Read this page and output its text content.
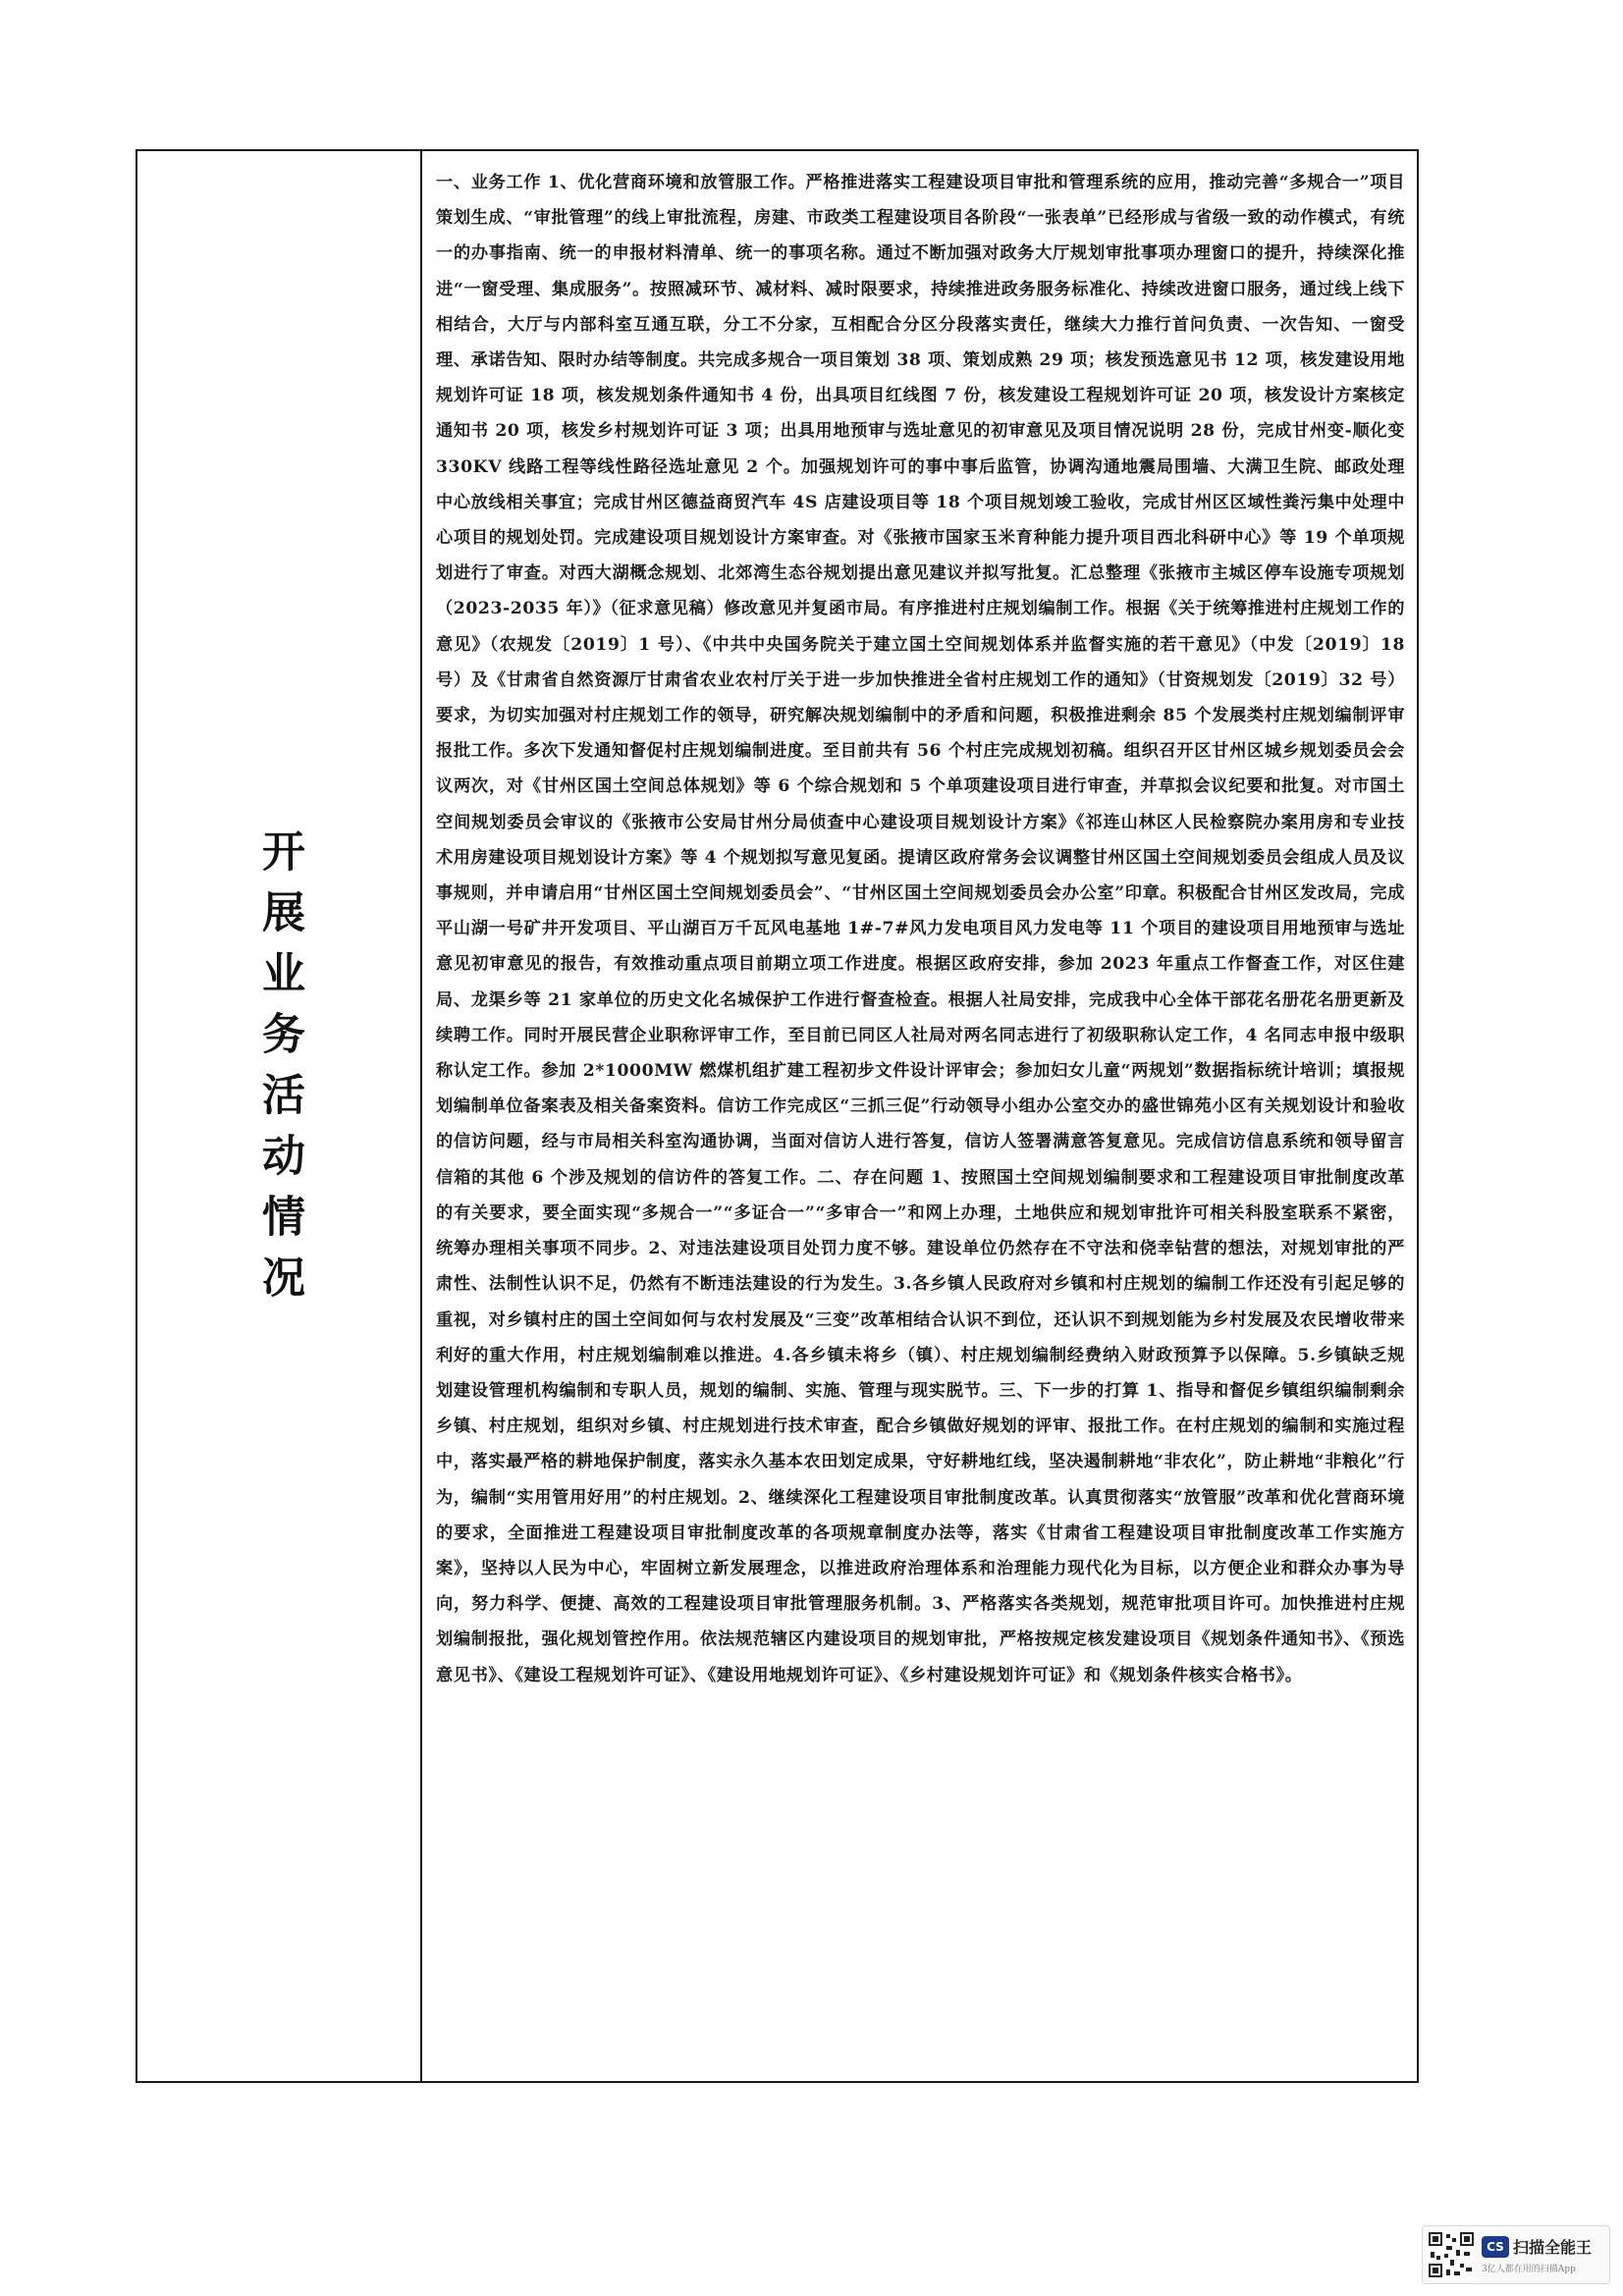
开展业务活动情况

一、业务工作 1、优化营商环境和放管服工作。严格推进落实工程建设项目审批和管理系统的应用，推动完善“多规合一”项目策划生成、“审批管理”的线上审批流程，房建、市政类工程建设项目各阶段“一张表单”已经形成与省级一致的动作模式，有统一的办事指南、统一的申报材料清单、统一的事项名称。通过不断加强对政务大厅规划审批事项办理窗口的提升，持续深化推进“一窗受理、集成服务”。按照减环节、减材料、减时限要求，持续推进政务服务标准化、持续改进窗口服务，通过线上线下相结合，大厅与内部科室互通互联，分工不分家，互相配合分区分段落实责任，继续大力推行首问负责、一次告知、一窗受理、承诺告知、限时办结等制度。共完成多规合一项目策划 38 项、策划成熟 29 项；核发预选意见书 12 项，核发建设用地规划许可证 18 项，核发规划条件通知书 4 份，出具项目红线图 7 份，核发建设工程规划许可证 20 项，核发设计方案核定通知书 20 项，核发乡村规划许可证 3 项；出具用地预审与选址意见的初审意见及项目情况说明 28 份，完成甘州变-顺化变 330KV 线路工程等线性路径选址意见 2 个。加强规划许可的事中事后监管，协调沟通地震局围墙、大满卫生院、邮政处理中心放线相关事宜；完成甘州区德益商贸汽车 4S 店建设项目等 18 个项目规划竣工验收，完成甘州区区域性粪污集中处理中心项目的规划处罚。完成建设项目规划设计方案审查。对《张掖市国家玉米育种能力提升项目西北科研中心》等 19 个单项规划进行了审查。对西大湖概念规划、北郊湾生态谷规划提出意见建议并拟写批复。汇总整理《张掖市主城区停车设施专项规划（2023-2035 年）》（征求意见稿）修改意见并复函市局。有序推进村庄规划编制工作。根据《关于统筹推进村庄规划工作的意见》（农规发〔2019〕1 号）、《中共中央国务院关于建立国土空间规划体系并监督实施的若干意见》（中发〔2019〕18 号）及《甘肃省自然资源厅甘肃省农业农村厅关于进一步加快推进全省村庄规划工作的通知》（甘资规划发〔2019〕32 号）要求，为切实加强对村庄规划工作的领导，研究解决规划编制中的矛盾和问题，积极推进剩余 85 个发展类村庄规划编制评审报批工作。多次下发通知督促村庄规划编制进度。至目前共有 56 个村庄完成规划初稿。组织召开区甘州区城乡规划委员会会议两次，对《甘州区国土空间总体规划》等 6 个综合规划和 5 个单项建设项目进行审查，并草拟会议纪要和批复。对市国土空间规划委员会审议的《张掖市公安局甘州分局侦查中心建设项目规划设计方案》《祁连山林区人民检察院办案用房和专业技术用房建设项目规划设计方案》等 4 个规划拟写意见复函。提请区政府常务会议调整甘州区国土空间规划委员会组成人员及议事规则，并申请启用“甘州区国土空间规划委员会”、“甘州区国土空间规划委员会办公室”印章。积极配合甘州区发改局，完成平山湖一号矿井开发项目、平山湖百万千瓦风电基地 1#-7#风力发电项目风力发电等 11 个项目的建设项目用地预审与选址意见初审意见的报告，有效推动重点项目前期立项工作进度。根据区政府安排，参加 2023 年重点工作督查工作，对区住建局、龙渠乡等 21 家单位的历史文化名城保护工作进行督查检查。根据人社局安排，完成我中心全体干部花名册花名册更新及续聘工作。同时开展民营企业职称评审工作，至目前已同区人社局对两名同志进行了初级职称认定工作，4 名同志申报中级职称认定工作。参加 2*1000MW 燃煤机组扩建工程初步文件设计评审会；参加妇女儿童“两规划”数据指标统计培训；填报规划编制单位备案表及相关备案资料。信访工作完成区“三抓三促”行动领导小组办公室交办的盛世锦苑小区有关规划设计和验收的信访问题，经与市局相关科室沟通协调，当面对信访人进行答复，信访人签署满意答复意见。完成信访信息系统和领导留言信箱的其他 6 个涉及规划的信访件的答复工作。二、存在问题 1、按照国土空间规划编制要求和工程建设项目审批制度改革的有关要求，要全面实现“多规合一”“多证合一”“多审合一”和网上办理，土地供应和规划审批许可相关科股室联系不紧密，统筹办理相关事项不同步。2、对违法建设项目处罚力度不够。建设单位仍然存在不守法和侥幸钻营的想法，对规划审批的严肃性、法制性认识不足，仍然有不断违法建设的行为发生。3.各乡镇人民政府对乡镇和村庄规划的编制工作还没有引起足够的重视，对乡镇村庄的国土空间如何与农村发展及“三变”改革相结合认识不到位，还认识不到规划能为乡村发展及农民增收带来利好的重大作用，村庄规划编制难以推进。4.各乡镇未将乡（镇）、村庄规划编制经费纳入财政预算予以保障。5.乡镇缺乏规划建设管理机构编制和专职人员，规划的编制、实施、管理与现实脱节。三、下一步的打算 1、指导和督促乡镇组织编制剩余乡镇、村庄规划，组织对乡镇、村庄规划进行技术审查，配合乡镇做好规划的评审、报批工作。在村庄规划的编制和实施过程中，落实最严格的耕地保护制度，落实永久基本农田划定成果，守好耕地红线，坚决遏制耕地“非农化”，防止耕地“非粮化”行为，编制“实用管用好用”的村庄规划。2、继续深化工程建设项目审批制度改革。认真贯彻落实“放管服”改革和优化营商环境的要求，全面推进工程建设项目审批制度改革的各项规章制度办法等，落实《甘肃省工程建设项目审批制度改革工作实施方案》，坚持以人民为中心，牢固树立新发展理念，以推进政府治理体系和治理能力现代化为目标，以方便企业和群众办事为导向，努力科学、便捷、高效的工程建设项目审批管理服务机制。3、严格落实各类规划，规范审批项目许可。加快推进村庄规划编制报批，强化规划管控作用。依法规范辖区内建设项目的规划审批，严格按规定核发建设项目《规划条件通知书》、《预选意见书》、《建设工程规划许可证》、《建设用地规划许可证》、《乡村建设规划许可证》和《规划条件核实合格书》。

CS 扫描全能王
3亿人都在用的扫描App
